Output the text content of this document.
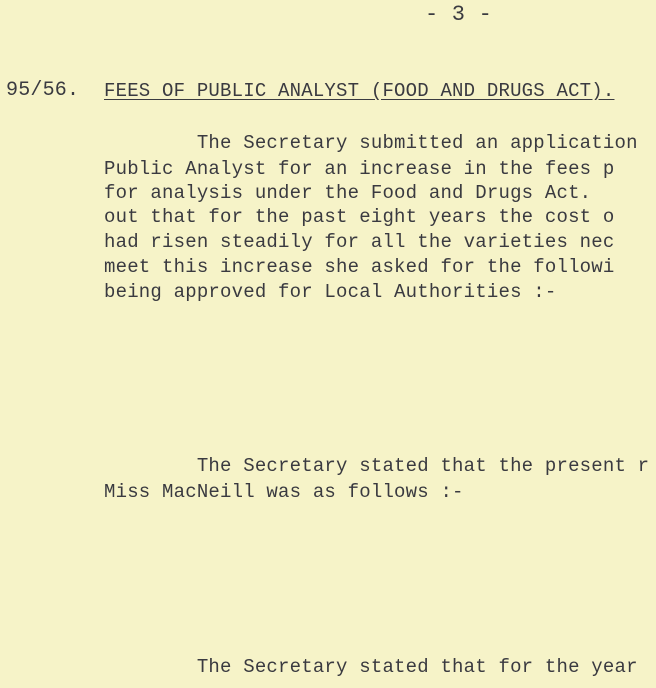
- 3 -
95/56. FEES OF PUBLIC ANALYST (FOOD AND DRUGS ACT).
The Secretary submitted an application
Public Analyst for an increase in the fees p
for analysis under the Food and Drugs Act.
out that for the past eight years the cost o
had risen steadily for all the varieties nec
meet this increase she asked for the followi
being approved for Local Authorities :-
The Secretary stated that the present r
Miss MacNeill was as follows :-
The Secretary stated that for the year
